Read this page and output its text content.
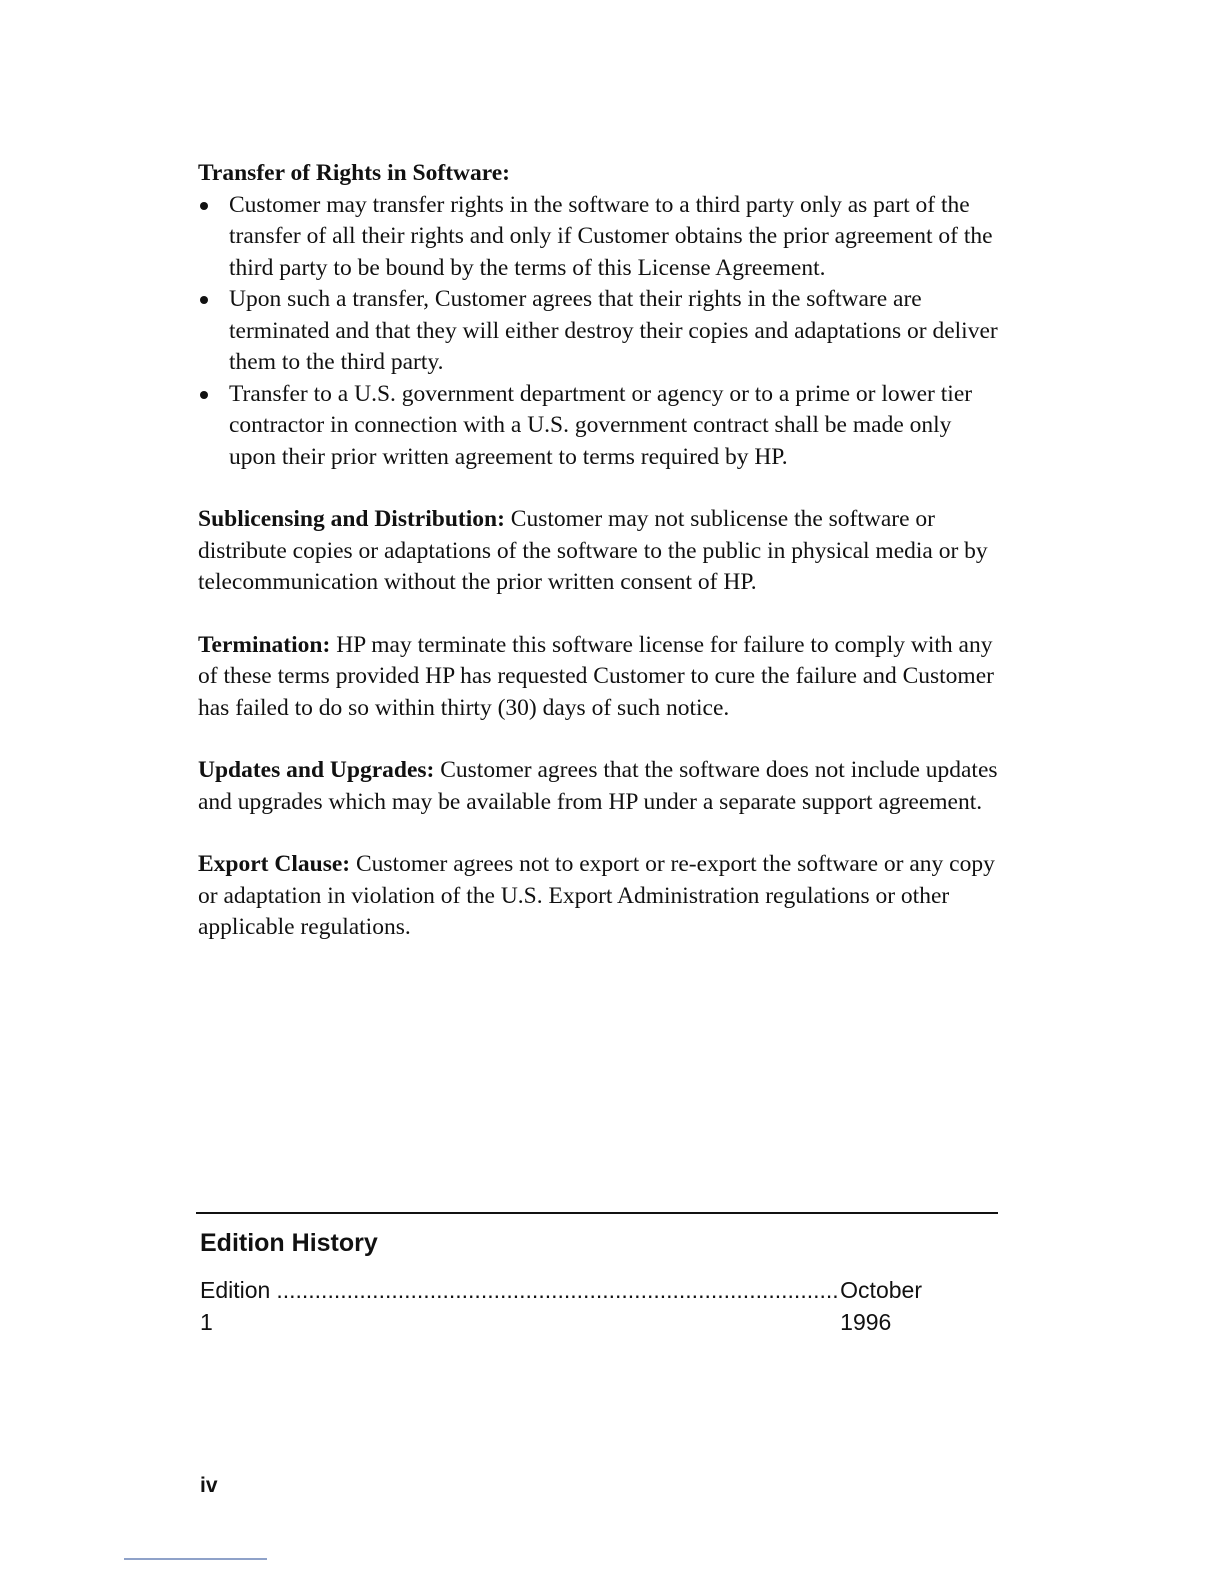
Transfer of Rights in Software:
Customer may transfer rights in the software to a third party only as part of the transfer of all their rights and only if Customer obtains the prior agreement of the third party to be bound by the terms of this License Agreement.
Upon such a transfer, Customer agrees that their rights in the software are terminated and that they will either destroy their copies and adaptations or deliver them to the third party.
Transfer to a U.S. government department or agency or to a prime or lower tier contractor in connection with a U.S. government contract shall be made only upon their prior written agreement to terms required by HP.

Sublicensing and Distribution: Customer may not sublicense the software or distribute copies or adaptations of the software to the public in physical media or by telecommunication without the prior written consent of HP.

Termination: HP may terminate this software license for failure to comply with any of these terms provided HP has requested Customer to cure the failure and Customer has failed to do so within thirty (30) days of such notice.

Updates and Upgrades: Customer agrees that the software does not include updates and upgrades which may be available from HP under a separate support agreement.

Export Clause: Customer agrees not to export or re-export the software or any copy or adaptation in violation of the U.S. Export Administration regulations or other applicable regulations.

Edition History
Edition 1
.....
October 1996
iv
